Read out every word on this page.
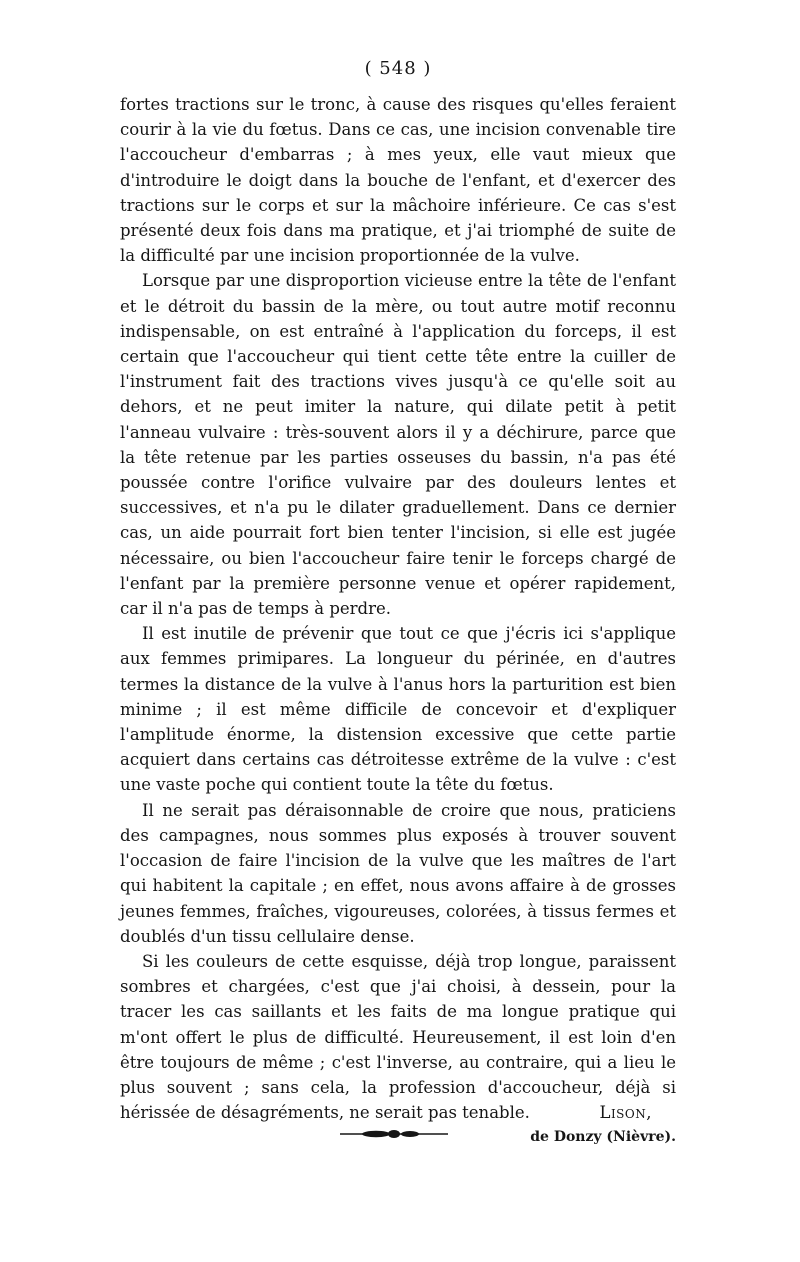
( 548 )

fortes tractions sur le tronc, à cause des risques qu'elles feraient courir à la vie du fœtus. Dans ce cas, une incision convenable tire l'accoucheur d'embarras ; à mes yeux, elle vaut mieux que d'introduire le doigt dans la bouche de l'enfant, et d'exercer des tractions sur le corps et sur la mâchoire inférieure. Ce cas s'est présenté deux fois dans ma pratique, et j'ai triomphé de suite de la difficulté par une incision proportionnée de la vulve.

Lorsque par une disproportion vicieuse entre la tête de l'enfant et le détroit du bassin de la mère, ou tout autre motif reconnu indispensable, on est entraîné à l'application du forceps, il est certain que l'accoucheur qui tient cette tête entre la cuiller de l'instrument fait des tractions vives jusqu'à ce qu'elle soit au dehors, et ne peut imiter la nature, qui dilate petit à petit l'anneau vulvaire : très-souvent alors il y a déchirure, parce que la tête retenue par les parties osseuses du bassin, n'a pas été poussée contre l'orifice vulvaire par des douleurs lentes et successives, et n'a pu le dilater graduellement. Dans ce dernier cas, un aide pourrait fort bien tenter l'incision, si elle est jugée nécessaire, ou bien l'accoucheur faire tenir le forceps chargé de l'enfant par la première personne venue et opérer rapidement, car il n'a pas de temps à perdre.

Il est inutile de prévenir que tout ce que j'écris ici s'applique aux femmes primipares. La longueur du périnée, en d'autres termes la distance de la vulve à l'anus hors la parturition est bien minime ; il est même difficile de concevoir et d'expliquer l'amplitude énorme, la distension excessive que cette partie acquiert dans certains cas détroitesse extrême de la vulve : c'est une vaste poche qui contient toute la tête du fœtus.

Il ne serait pas déraisonnable de croire que nous, praticiens des campagnes, nous sommes plus exposés à trouver souvent l'occasion de faire l'incision de la vulve que les maîtres de l'art qui habitent la capitale ; en effet, nous avons affaire à de grosses jeunes femmes, fraîches, vigoureuses, colorées, à tissus fermes et doublés d'un tissu cellulaire dense.

Si les couleurs de cette esquisse, déjà trop longue, paraissent sombres et chargées, c'est que j'ai choisi, à dessein, pour la tracer les cas saillants et les faits de ma longue pratique qui m'ont offert le plus de difficulté. Heureusement, il est loin d'en être toujours de même ; c'est l'inverse, au contraire, qui a lieu le plus souvent ; sans cela, la profession d'accoucheur, déjà si hérissée de désagréments, ne serait pas tenable.	Lison,
de Donzy (Nièvre).
